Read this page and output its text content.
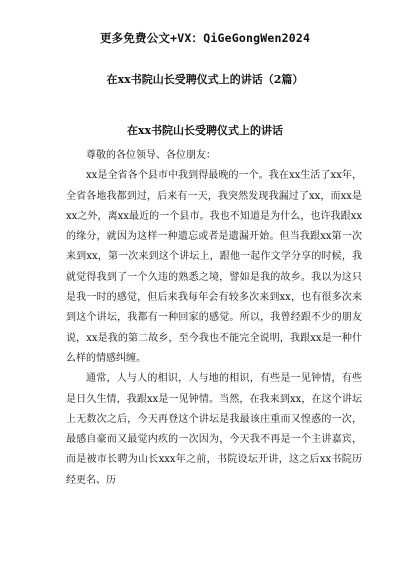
更多免费公文+VX：QiGeGongWen2024
在xx书院山长受聘仪式上的讲话（2篇）
在xx书院山长受聘仪式上的讲话

尊敬的各位领导、各位朋友：

xx是全省各个县市中我到得最晚的一个。我在xx生活了xx年，全省各地我都到过，后来有一天，我突然发现我漏过了xx，而xx是xx之外，离xx最近的一个县市。我也不知道是为什么，也许我跟xx的缘分，就因为这样一种遗忘或者是遗漏开始。但当我跟xx第一次来到xx，第一次来到这个讲坛上，跟他一起作文学分享的时候，我就觉得我到了一个久违的熟悉之境，譬如是我的故乡。我以为这只是我一时的感觉，但后来我每年会有较多次来到xx，也有很多次来到这个讲坛，我都有一种回家的感觉。所以，我曾经跟不少的朋友说，xx是我的第二故乡，至今我也不能完全说明，我跟xx是一种什么样的情感纠缠。

通常，人与人的相识，人与地的相识，有些是一见钟情，有些是日久生情，我跟xx是一见钟情。当然，在我来到xx，在这个讲坛上无数次之后，今天再登这个讲坛是我最该庄重而又惶惑的一次，最感自豪而又最觉内疚的一次因为，今天我不再是一个主讲嘉宾，而是被市长聘为山长xxx年之前，书院设坛开讲，这之后xx书院历经更名、历
